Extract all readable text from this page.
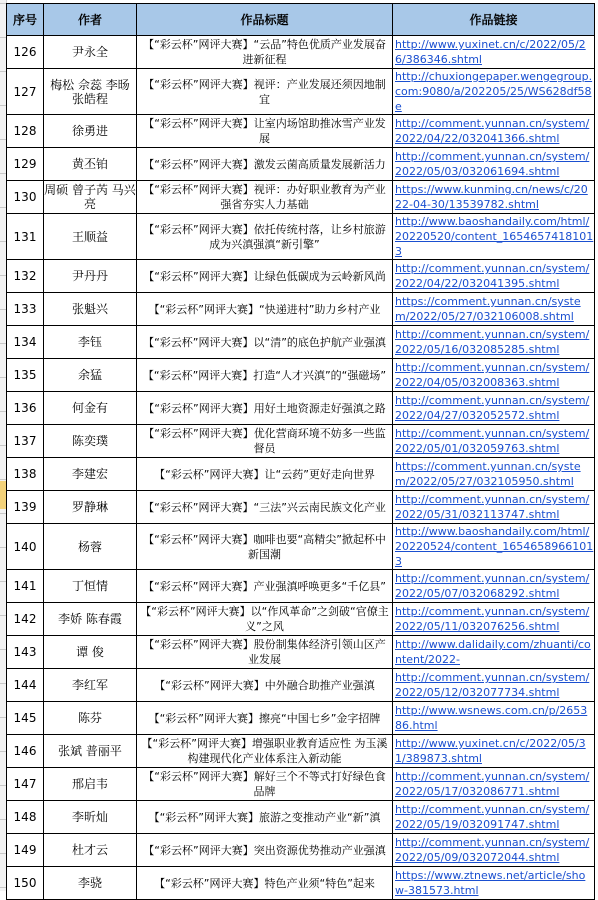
序号	作者	作品标题	作品链接
126	尹永全	【“彩云杯”网评大赛】“云品”特色优质产业发展奋进新征程	http://www.yuxinet.cn/c/2022/05/26/386346.shtml

127	梅松 佘蕊 李旸 张皓程	【“彩云杯”网评大赛】视评：产业发展还须因地制宜	http://chuxiongepaper.wengegroup.com:9080/a/202205/25/WS628df58e

128	徐勇进	【“彩云杯”网评大赛】让室内场馆助推冰雪产业发展	http://comment.yunnan.cn/system/2022/04/22/032041366.shtml

129	黄丕铂	【“彩云杯”网评大赛】激发云菌高质量发展新活力	http://comment.yunnan.cn/system/2022/05/03/032061694.shtml

130	周硕 曾子芮 马兴亮	【“彩云杯”网评大赛】视评：办好职业教育为产业强省夯实人力基础	https://www.kunming.cn/news/c/2022-04-30/13539782.shtml

131	王顺益	【“彩云杯”网评大赛】依托传统村落，让乡村旅游成为兴滇强滇“新引擎”	http://www.baoshandaily.com/html/20220520/content_16546574181013

132	尹丹丹	【“彩云杯”网评大赛】让绿色低碳成为云岭新风尚	http://comment.yunnan.cn/system/2022/04/22/032041395.shtml

133	张魁兴	【“彩云杯”网评大赛】“快递进村”助力乡村产业	https://comment.yunnan.cn/system/2022/05/27/032106008.shtml

134	李钰	【“彩云杯”网评大赛】以“清”的底色护航产业强滇	http://comment.yunnan.cn/system/2022/05/16/032085285.shtml

135	余猛	【“彩云杯”网评大赛】打造“人才兴滇”的“强磁场”	http://comment.yunnan.cn/system/2022/04/05/032008363.shtml

136	何金有	【“彩云杯”网评大赛】用好土地资源走好强滇之路	http://comment.yunnan.cn/system/2022/04/27/032052572.shtml

137	陈奕璞	【“彩云杯”网评大赛】优化营商环境不妨多一些监督员	http://comment.yunnan.cn/system/2022/05/01/032059763.shtml

138	李建宏	【“彩云杯”网评大赛】让“云药”更好走向世界	https://comment.yunnan.cn/system/2022/05/27/032105950.shtml

139	罗静琳	【“彩云杯”网评大赛】“三法”兴云南民族文化产业	http://comment.yunnan.cn/system/2022/05/31/032113747.shtml

140	杨蓉	【“彩云杯”网评大赛】咖啡也要“高精尖”掀起杯中新国潮	http://www.baoshandaily.com/html/20220524/content_16546589661013

141	丁恒情	【“彩云杯”网评大赛】产业强滇呼唤更多“千亿县”	http://comment.yunnan.cn/system/2022/05/07/032068292.shtml

142	李娇 陈春霞	【“彩云杯”网评大赛】以“作风革命”之剑破“官僚主义”之风	http://comment.yunnan.cn/system/2022/05/11/032076256.shtml

143	谭 俊	【“彩云杯”网评大赛】股份制集体经济引领山区产业发展	http://www.dalidaily.com/zhuanti/content/2022-

144	李红军	【“彩云杯”网评大赛】中外融合助推产业强滇	http://comment.yunnan.cn/system/2022/05/12/032077734.shtml

145	陈芬	【“彩云杯”网评大赛】擦亮“中国七乡”金字招牌	http://www.wsnews.com.cn/p/265386.html

146	张斌 普丽平	【“彩云杯”网评大赛】增强职业教育适应性 为玉溪构建现代化产业体系注入新动能	http://www.yuxinet.cn/c/2022/05/31/389873.shtml

147	邢启韦	【“彩云杯”网评大赛】解好三个不等式打好绿色食品牌	http://comment.yunnan.cn/system/2022/05/17/032086771.shtml

148	李昕灿	【“彩云杯”网评大赛】旅游之变推动产业“新”滇	http://comment.yunnan.cn/system/2022/05/19/032091747.shtml

149	杜才云	【“彩云杯”网评大赛】突出资源优势推动产业强滇	http://comment.yunnan.cn/system/2022/05/09/032072044.shtml

150	李骁	【“彩云杯”网评大赛】特色产业须“特色”起来	https://www.ztnews.net/article/show-381573.html
